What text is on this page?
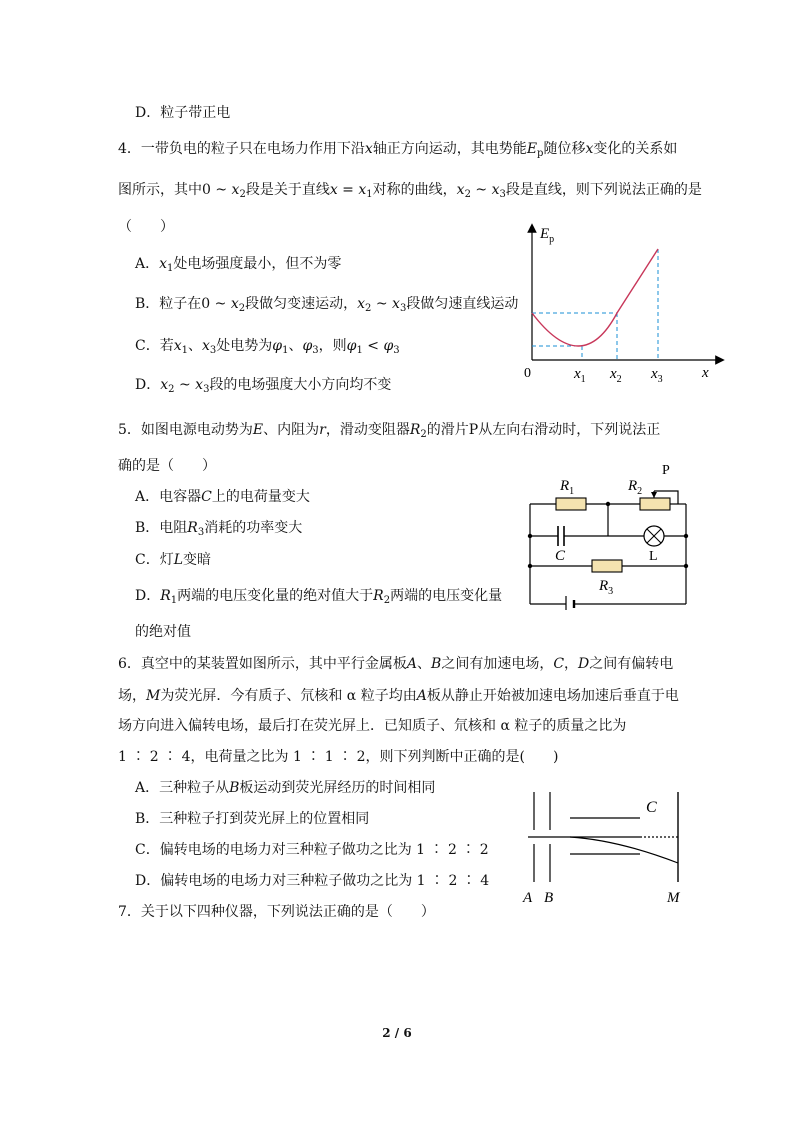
D．粒子带正电
4．一带负电的粒子只在电场力作用下沿x轴正方向运动，其电势能$E_p$随位移x变化的关系如
图所示，其中0 ~ $x_2$段是关于直线$x = x_1$对称的曲线，$x_2$ ~ $x_3$段是直线，则下列说法正确的是
（　　）
A．$x_1$处电场强度最小，但不为零
B．粒子在0 ~ $x_2$段做匀变速运动，$x_2$ ~ $x_3$段做匀速直线运动
C．若$x_1$、$x_3$处电势为$\varphi_1$、$\varphi_3$，则$\varphi_1 < \varphi_3$
D．$x_2$ ~ $x_3$段的电场强度大小方向均不变
$E_p$
0	x
$x_1$ $x_2$ $x_3$
5．如图电源电动势为E、内阻为r，滑动变阻器$R_2$的滑片P从左向右滑动时，下列说法正
确的是（　　）
A．电容器C上的电荷量变大
B．电阻$R_3$消耗的功率变大
C．灯L变暗
D．$R_1$两端的电压变化量的绝对值大于$R_2$两端的电压变化量
的绝对值
$R_1$	$R_2$
P
C	L
$R_3$
6．真空中的某装置如图所示，其中平行金属板A、B之间有加速电场，C，D之间有偏转电
场，M为荧光屏．今有质子、氘核和 α 粒子均由A板从静止开始被加速电场加速后垂直于电
场方向进入偏转电场，最后打在荧光屏上．已知质子、氘核和 α 粒子的质量之比为
1 ∶ 2 ∶ 4，电荷量之比为 1 ∶ 1 ∶ 2，则下列判断中正确的是(　　)
A．三种粒子从B板运动到荧光屏经历的时间相同
B．三种粒子打到荧光屏上的位置相同
C．偏转电场的电场力对三种粒子做功之比为 1 ∶ 2 ∶ 2
D．偏转电场的电场力对三种粒子做功之比为 1 ∶ 2 ∶ 4
C
A B	M
7．关于以下四种仪器，下列说法正确的是（　　）
2 / 6
